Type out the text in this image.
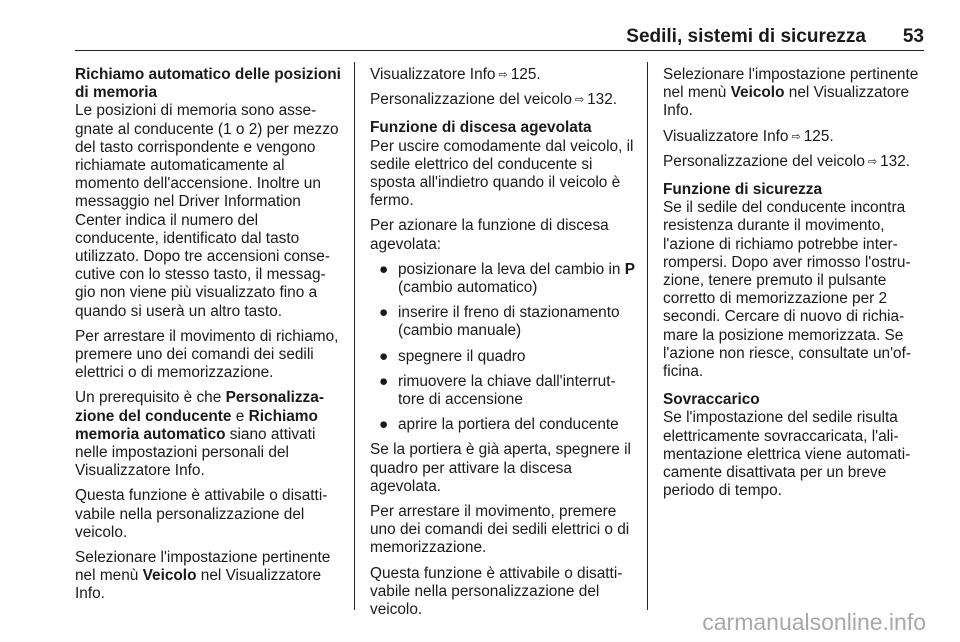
Sedili, sistemi di sicurezza 53

Richiamo automatico delle posizioni di memoria

Le posizioni di memoria sono assegnate al conducente (1 o 2) per mezzo del tasto corrispondente e vengono richiamate automaticamente al momento dell'accensione. Inoltre un messaggio nel Driver Information Center indica il numero del conducente, identificato dal tasto utilizzato. Dopo tre accensioni consecutive con lo stesso tasto, il messaggio non viene più visualizzato fino a quando si userà un altro tasto.

Per arrestare il movimento di richiamo, premere uno dei comandi dei sedili elettrici o di memorizzazione.

Un prerequisito è che Personalizzazione del conducente e Richiamo memoria automatico siano attivati nelle impostazioni personali del Visualizzatore Info.

Questa funzione è attivabile o disattivabile nella personalizzazione del veicolo.

Selezionare l'impostazione pertinente nel menù Veicolo nel Visualizzatore Info.

Visualizzatore Info ⇨ 125.

Personalizzazione del veicolo ⇨ 132.

Funzione di discesa agevolata

Per uscire comodamente dal veicolo, il sedile elettrico del conducente si sposta all'indietro quando il veicolo è fermo.

Per azionare la funzione di discesa agevolata:

● posizionare la leva del cambio in P (cambio automatico)
● inserire il freno di stazionamento (cambio manuale)
● spegnere il quadro
● rimuovere la chiave dall'interruttore di accensione
● aprire la portiera del conducente

Se la portiera è già aperta, spegnere il quadro per attivare la discesa agevolata.

Per arrestare il movimento, premere uno dei comandi dei sedili elettrici o di memorizzazione.

Questa funzione è attivabile o disattivabile nella personalizzazione del veicolo.

Selezionare l'impostazione pertinente nel menù Veicolo nel Visualizzatore Info.

Visualizzatore Info ⇨ 125.

Personalizzazione del veicolo ⇨ 132.

Funzione di sicurezza

Se il sedile del conducente incontra resistenza durante il movimento, l'azione di richiamo potrebbe interrompersi. Dopo aver rimosso l'ostruzione, tenere premuto il pulsante corretto di memorizzazione per 2 secondi. Cercare di nuovo di richiamare la posizione memorizzata. Se l'azione non riesce, consultate un'officina.

Sovraccarico

Se l'impostazione del sedile risulta elettricamente sovraccaricata, l'alimentazione elettrica viene automaticamente disattivata per un breve periodo di tempo.

carmanualsonline.info
